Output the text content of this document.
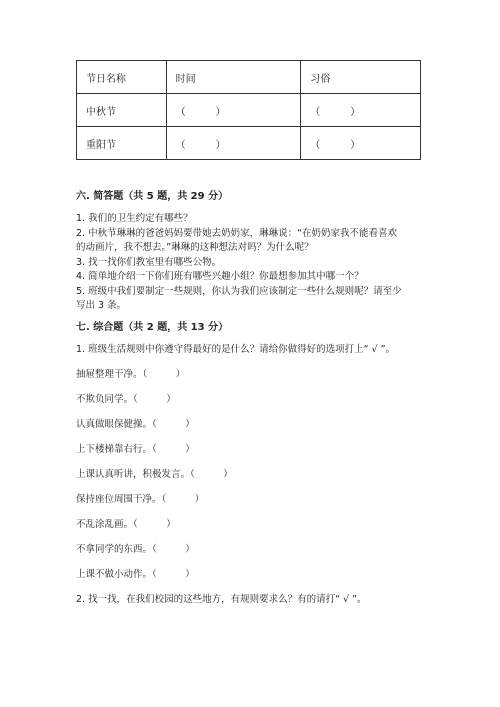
节日名称	时间	习俗
中秋节	（　　　）	（　　　）
重阳节	（　　　）	（　　　）
六. 简答题（共 5 题，共 29 分）
1. 我们的卫生约定有哪些？
2. 中秋节琳琳的爸爸妈妈要带她去奶奶家，琳琳说：“在奶奶家我不能看喜欢
的动画片，我不想去。”琳琳的这种想法对吗？为什么呢？
3. 找一找你们教室里有哪些公物。
4. 简单地介绍一下你们班有哪些兴趣小组？你最想参加其中哪一个？
5. 班级中我们要制定一些规则，你认为我们应该制定一些什么规则呢？请至少
写出 3 条。
七. 综合题（共 2 题，共 13 分）
1. 班级生活规则中你遵守得最好的是什么？请给你做得好的选项打上“ √ ”。
抽屉整理干净。（　　　）
不欺负同学。（　　　）
认真做眼保健操。（　　　）
上下楼梯靠右行。（　　　）
上课认真听讲，积极发言。（　　　）
保持座位周围干净。（　　　）
不乱涂乱画。（　　　）
不拿同学的东西。（　　　）
上课不做小动作。（　　　）
2. 找一找，在我们校园的这些地方，有规则要求么？有的请打“ √ ”。
